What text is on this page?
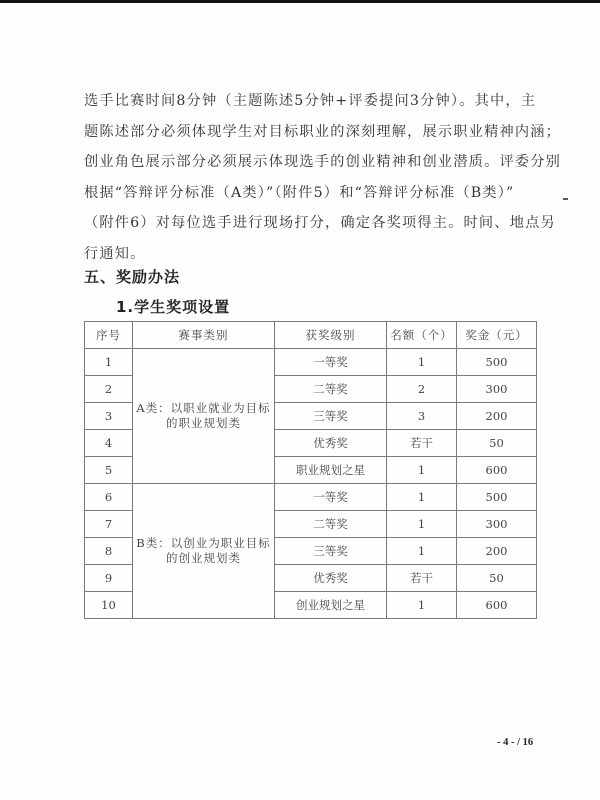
选手比赛时间8分钟（主题陈述5分钟+评委提问3分钟）。其中，主

题陈述部分必须体现学生对目标职业的深刻理解，展示职业精神内涵；

创业角色展示部分必须展示体现选手的创业精神和创业潜质。评委分别

根据“答辩评分标准（A类）”（附件5）和“答辩评分标准（B类）”

（附件6）对每位选手进行现场打分，确定各奖项得主。时间、地点另

行通知。

五、奖励办法
1.学生奖项设置
序号	赛事类别	获奖级别	名额（个）	奖金（元）
1	A类：以职业就业为目标的职业规划类	一等奖	1	500
2		二等奖	2	300
3		三等奖	3	200
4		优秀奖	若干	50
5		职业规划之星	1	600
6	B类：以创业为职业目标的创业规划类	一等奖	1	500
7		二等奖	1	300
8		三等奖	1	200
9		优秀奖	若干	50
10		创业规划之星	1	600
- 4 - / 16
